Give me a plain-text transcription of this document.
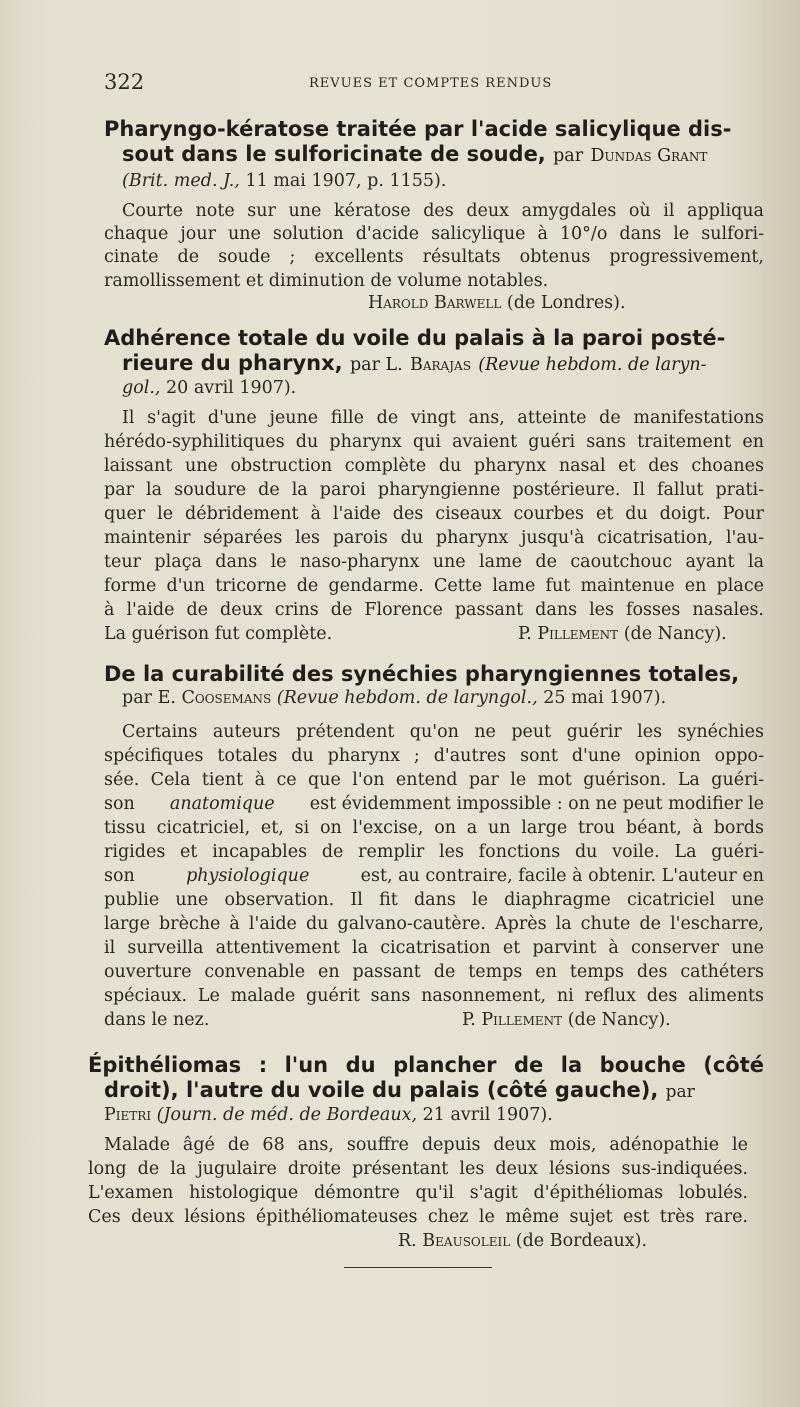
322	REVUES ET COMPTES RENDUS
Pharyngo-kératose traitée par l'acide salicylique dis-
sout dans le sulforicinate de soude, par Dundas Grant
(Brit. med. J., 11 mai 1907, p. 1155).
Courte note sur une kératose des deux amygdales où il appliqua
chaque jour une solution d'acide salicylique à 10°/o dans le sulfori-
cinate de soude ; excellents résultats obtenus progressivement,
ramollissement et diminution de volume notables.
Harold Barwell (de Londres).
Adhérence totale du voile du palais à la paroi posté-
rieure du pharynx, par L. Barajas (Revue hebdom. de laryn-
gol., 20 avril 1907).
Il s'agit d'une jeune fille de vingt ans, atteinte de manifestations
hérédo-syphilitiques du pharynx qui avaient guéri sans traitement en
laissant une obstruction complète du pharynx nasal et des choanes
par la soudure de la paroi pharyngienne postérieure. Il fallut prati-
quer le débridement à l'aide des ciseaux courbes et du doigt. Pour
maintenir séparées les parois du pharynx jusqu'à cicatrisation, l'au-
teur plaça dans le naso-pharynx une lame de caoutchouc ayant la
forme d'un tricorne de gendarme. Cette lame fut maintenue en place
à l'aide de deux crins de Florence passant dans les fosses nasales.
La guérison fut complète.	P. Pillement (de Nancy).
De la curabilité des synéchies pharyngiennes totales,
par E. Coosemans (Revue hebdom. de laryngol., 25 mai 1907).
Certains auteurs prétendent qu'on ne peut guérir les synéchies
spécifiques totales du pharynx ; d'autres sont d'une opinion oppo-
sée. Cela tient à ce que l'on entend par le mot guérison. La guéri-
son anatomique est évidemment impossible : on ne peut modifier le
tissu cicatriciel, et, si on l'excise, on a un large trou béant, à bords
rigides et incapables de remplir les fonctions du voile. La guéri-
son	physiologique	est, au contraire, facile à obtenir. L'auteur en
publie une observation. Il fit dans le diaphragme cicatriciel une
large brèche à l'aide du galvano-cautère. Après la chute de l'escharre,
il surveilla attentivement la cicatrisation et parvint à conserver une
ouverture convenable en passant de temps en temps des cathéters
spéciaux. Le malade guérit sans nasonnement, ni reflux des aliments
dans le nez.	P. Pillement (de Nancy).
Épithéliomas : l'un du plancher de la bouche (côté
droit), l'autre du voile du palais (côté gauche), par
Pietri (Journ. de méd. de Bordeaux, 21 avril 1907).
Malade âgé de 68 ans, souffre depuis deux mois, adénopathie le
long de la jugulaire droite présentant les deux lésions sus-indiquées.
L'examen histologique démontre qu'il s'agit d'épithéliomas lobulés.
Ces deux lésions épithéliomateuses chez le même sujet est très rare.
R. Beausoleil (de Bordeaux).
